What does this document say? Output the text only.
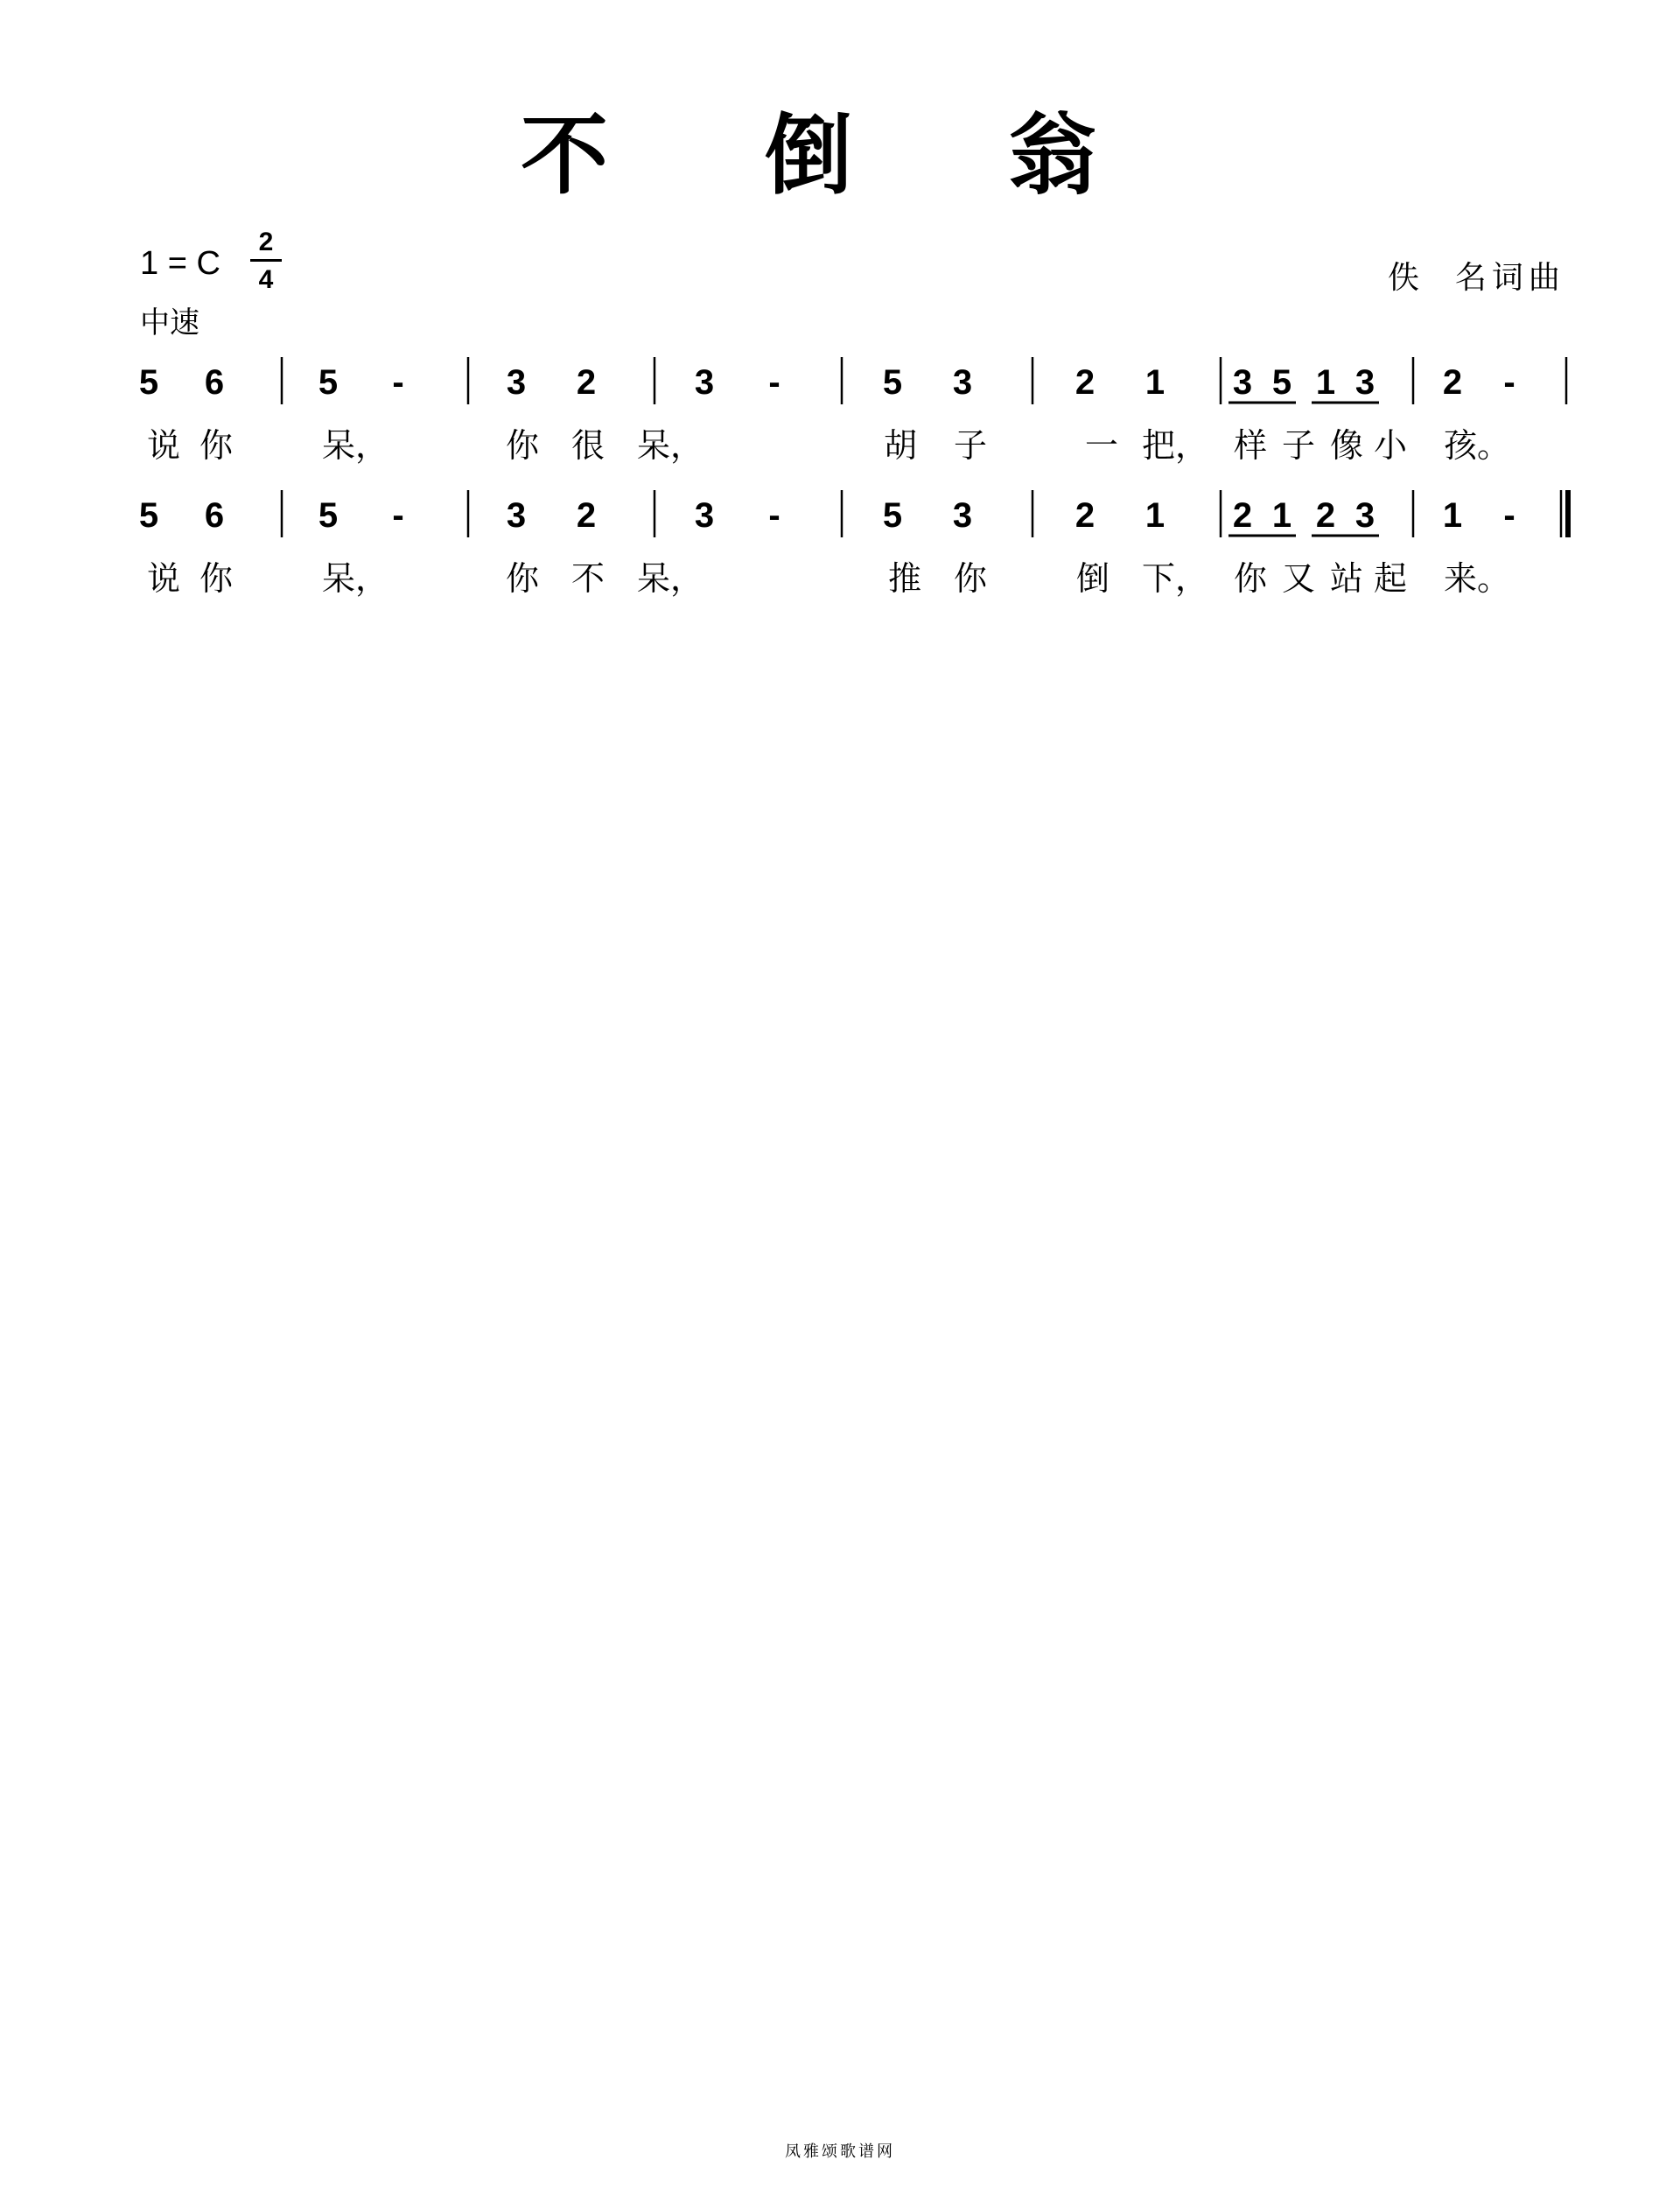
不 倒 翁
1 = C
2
4
中速
佚  名词曲
5 6	5 -	3 2	3 -	5 3	2 1 3 5 1 3 2 -
说 你	呆，	你 很 呆，	胡 子	一 把， 样 子 像 小 孩。
5 6	5 -	3 2	3 -	5 3	2 1 2 1 2 3 1 -
说 你	呆，	你 不 呆，	推 你	倒 下， 你 又 站 起 来。
凤雅颂歌谱网
